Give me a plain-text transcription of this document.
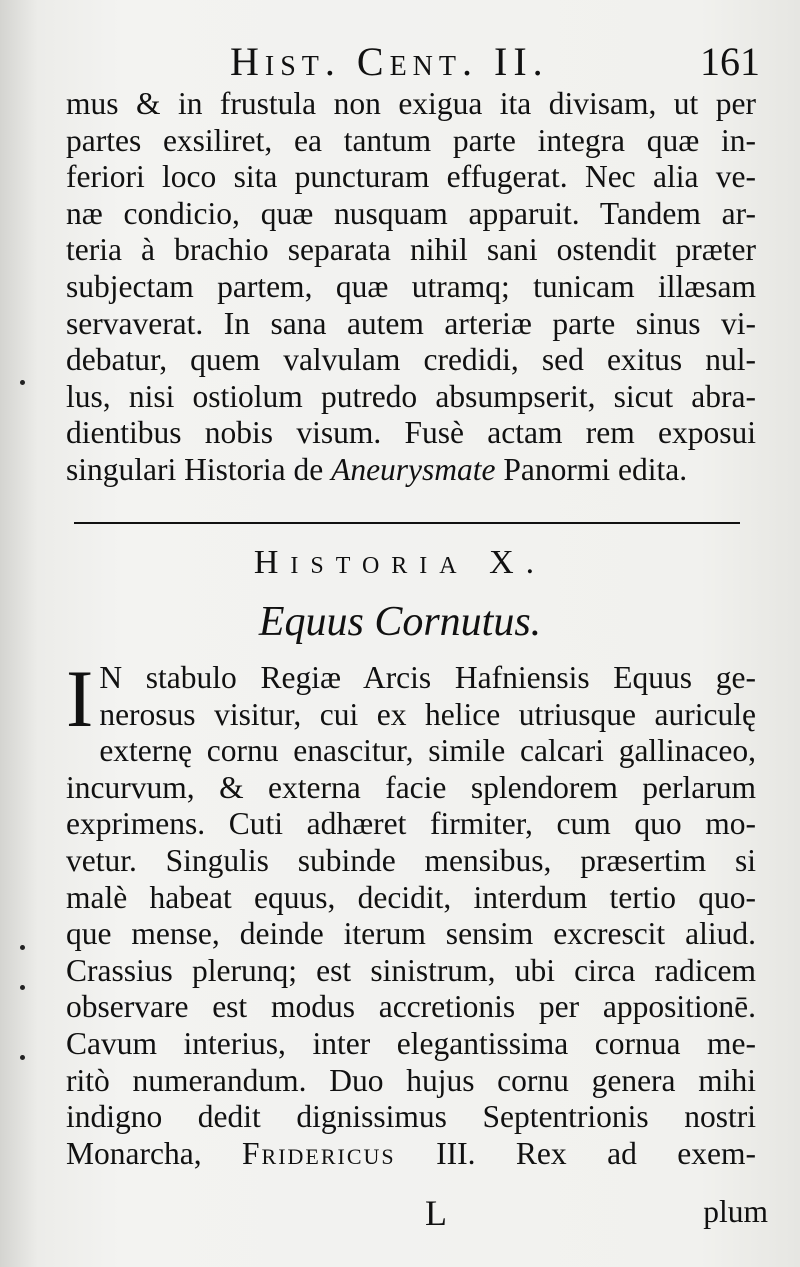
Hist. Cent. II.	161
mus & in frustula non exigua ita divisam, ut per
partes exsiliret, ea tantum parte integra quæ in-
feriori loco sita puncturam effugerat. Nec alia ve-
næ condicio, quæ nusquam apparuit. Tandem ar-
teria à brachio separata nihil sani ostendit præter
subjectam partem, quæ utramq; tunicam illæsam
servaverat. In sana autem arteriæ parte sinus vi-
debatur, quem valvulam credidi, sed exitus nul-
lus, nisi ostiolum putredo absumpserit, sicut abra-
dientibus nobis visum. Fusè actam rem exposui
singulari Historia de Aneurysmate Panormi edita.
Historia X.
Equus Cornutus.
I N stabulo Regiæ Arcis Hafniensis Equus ge-
nerosus visitur, cui ex helice utriusque auriculę
externę cornu enascitur, simile calcari gallinaceo,
incurvum, & externa facie splendorem perlarum
exprimens. Cuti adhæret firmiter, cum quo mo-
vetur. Singulis subinde mensibus, præsertim si
malè habeat equus, decidit, interdum tertio quo-
que mense, deinde iterum sensim excrescit aliud.
Crassius plerunq; est sinistrum, ubi circa radicem
observare est modus accretionis per appositionē.
Cavum interius, inter elegantissima cornua me-
ritò numerandum. Duo hujus cornu genera mihi
indigno dedit dignissimus Septentrionis nostri
Monarcha, Fridericus III. Rex ad exem-
L	plum
